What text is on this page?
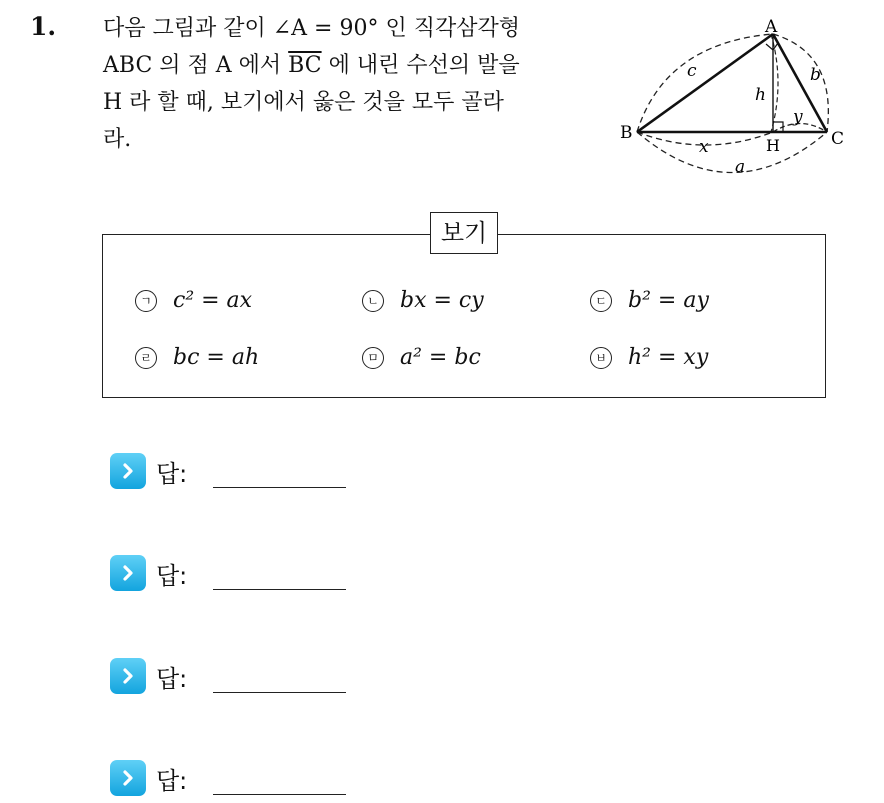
1. 다음 그림과 같이 ∠A = 90° 인 직각삼각형
ABC 의 점 A 에서 $\overline{BC}$ 에 내린 수선의 발을
H 라 할 때, 보기에서 옳은 것을 모두 골라
라.
A
B	C
H
c	b
h
x
y
a
보기
ㄱ c² = ax	ㄴ bx = cy	ㄷ b² = ay
ㄹ bc = ah	ㅁ a² = bc	ㅂ h² = xy
답:
답:
답:
답:
